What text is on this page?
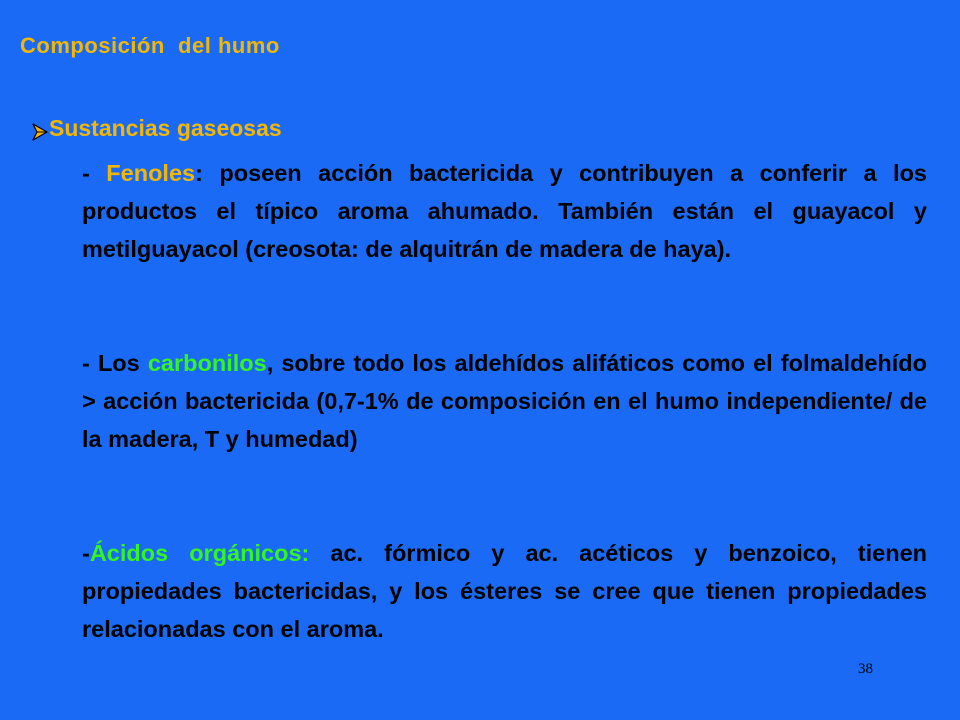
Composición  del humo
Sustancias gaseosas
- Fenoles: poseen acción bactericida y contribuyen a conferir a los productos el típico aroma ahumado. También están el guayacol y metilguayacol (creosota: de alquitrán de madera de haya).
- Los carbonilos, sobre todo los aldehídos alifáticos como el folmaldehído > acción bactericida (0,7-1% de composición en el humo independiente/ de la madera, T y humedad)
-Ácidos orgánicos: ac. fórmico y ac. acéticos y benzoico, tienen propiedades bactericidas, y los ésteres se cree que tienen propiedades relacionadas con el aroma.
38
